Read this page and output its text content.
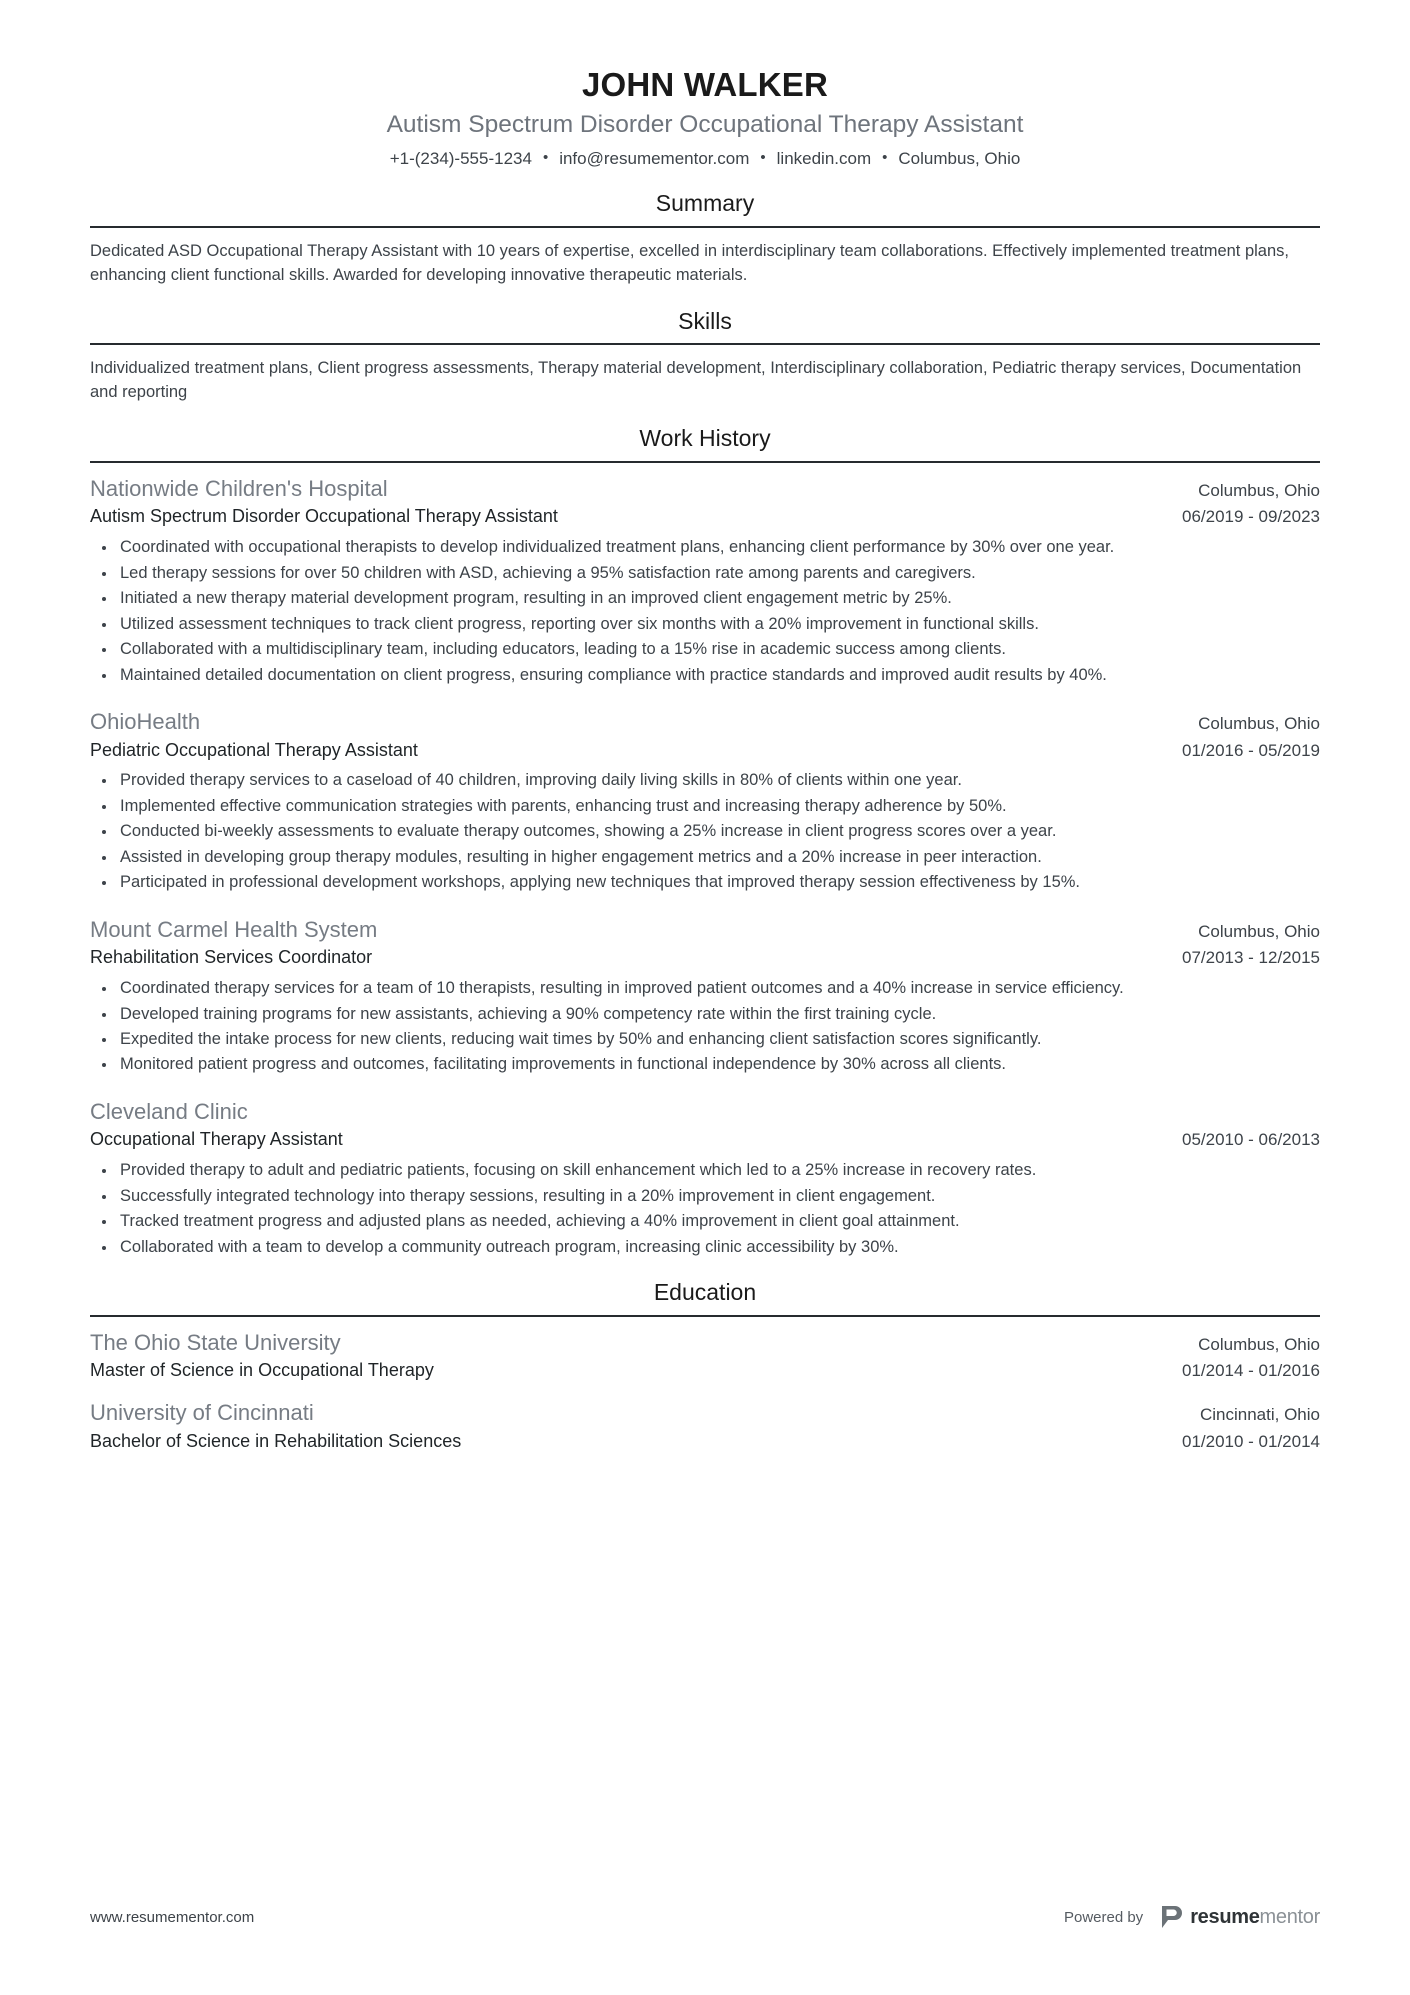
JOHN WALKER
Autism Spectrum Disorder Occupational Therapy Assistant
+1-(234)-555-1234 • info@resumementor.com • linkedin.com • Columbus, Ohio
Summary
Dedicated ASD Occupational Therapy Assistant with 10 years of expertise, excelled in interdisciplinary team collaborations. Effectively implemented treatment plans, enhancing client functional skills. Awarded for developing innovative therapeutic materials.
Skills
Individualized treatment plans, Client progress assessments, Therapy material development, Interdisciplinary collaboration, Pediatric therapy services, Documentation and reporting
Work History
Nationwide Children's Hospital	Columbus, Ohio
Autism Spectrum Disorder Occupational Therapy Assistant	06/2019 - 09/2023
Coordinated with occupational therapists to develop individualized treatment plans, enhancing client performance by 30% over one year.
Led therapy sessions for over 50 children with ASD, achieving a 95% satisfaction rate among parents and caregivers.
Initiated a new therapy material development program, resulting in an improved client engagement metric by 25%.
Utilized assessment techniques to track client progress, reporting over six months with a 20% improvement in functional skills.
Collaborated with a multidisciplinary team, including educators, leading to a 15% rise in academic success among clients.
Maintained detailed documentation on client progress, ensuring compliance with practice standards and improved audit results by 40%.
OhioHealth	Columbus, Ohio
Pediatric Occupational Therapy Assistant	01/2016 - 05/2019
Provided therapy services to a caseload of 40 children, improving daily living skills in 80% of clients within one year.
Implemented effective communication strategies with parents, enhancing trust and increasing therapy adherence by 50%.
Conducted bi-weekly assessments to evaluate therapy outcomes, showing a 25% increase in client progress scores over a year.
Assisted in developing group therapy modules, resulting in higher engagement metrics and a 20% increase in peer interaction.
Participated in professional development workshops, applying new techniques that improved therapy session effectiveness by 15%.
Mount Carmel Health System	Columbus, Ohio
Rehabilitation Services Coordinator	07/2013 - 12/2015
Coordinated therapy services for a team of 10 therapists, resulting in improved patient outcomes and a 40% increase in service efficiency.
Developed training programs for new assistants, achieving a 90% competency rate within the first training cycle.
Expedited the intake process for new clients, reducing wait times by 50% and enhancing client satisfaction scores significantly.
Monitored patient progress and outcomes, facilitating improvements in functional independence by 30% across all clients.
Cleveland Clinic
Occupational Therapy Assistant	05/2010 - 06/2013
Provided therapy to adult and pediatric patients, focusing on skill enhancement which led to a 25% increase in recovery rates.
Successfully integrated technology into therapy sessions, resulting in a 20% improvement in client engagement.
Tracked treatment progress and adjusted plans as needed, achieving a 40% improvement in client goal attainment.
Collaborated with a team to develop a community outreach program, increasing clinic accessibility by 30%.
Education
The Ohio State University	Columbus, Ohio
Master of Science in Occupational Therapy	01/2014 - 01/2016
University of Cincinnati	Cincinnati, Ohio
Bachelor of Science in Rehabilitation Sciences	01/2010 - 01/2014
www.resumementor.com	Powered by resumementor
